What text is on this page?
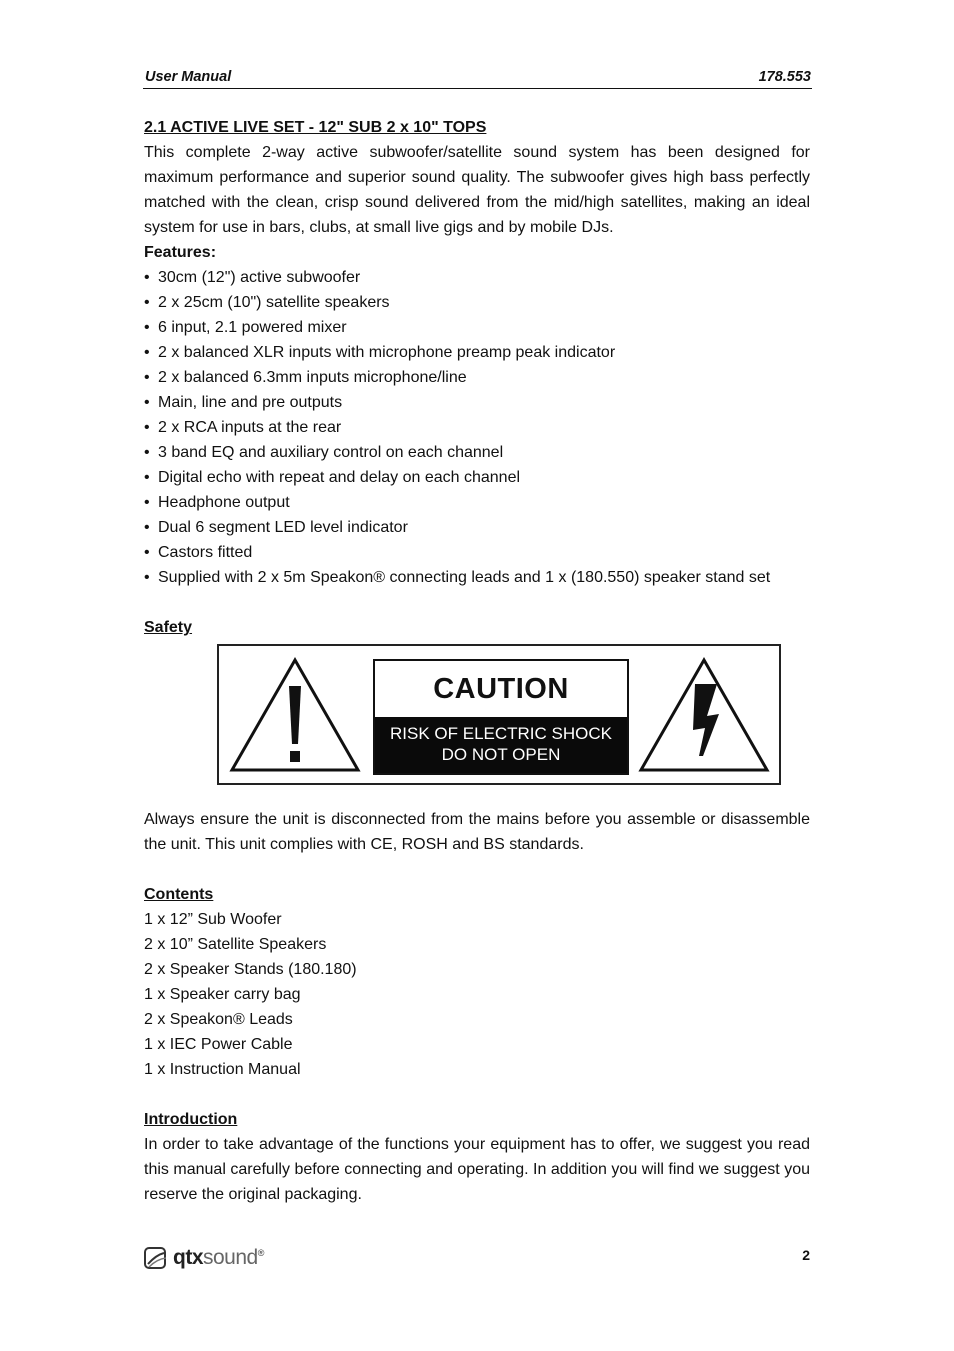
User Manual	178.553

2.1 ACTIVE LIVE SET - 12" SUB 2 x 10" TOPS

This complete 2-way active subwoofer/satellite sound system has been designed for maximum performance and superior sound quality. The subwoofer gives high bass perfectly matched with the clean, crisp sound delivered from the mid/high satellites, making an ideal system for use in bars, clubs, at small live gigs and by mobile DJs.

Features:

• 30cm (12") active subwoofer
• 2 x 25cm (10") satellite speakers
• 6 input, 2.1 powered mixer
• 2 x balanced XLR inputs with microphone preamp peak indicator
• 2 x balanced 6.3mm inputs microphone/line
• Main, line and pre outputs
• 2 x RCA inputs at the rear
• 3 band EQ and auxiliary control on each channel
• Digital echo with repeat and delay on each channel
• Headphone output
• Dual 6 segment LED level indicator
• Castors fitted
• Supplied with 2 x 5m Speakon® connecting leads and 1 x (180.550) speaker stand set

Safety

CAUTION
RISK OF ELECTRIC SHOCK
DO NOT OPEN

Always ensure the unit is disconnected from the mains before you assemble or disassemble the unit. This unit complies with CE, ROSH and BS standards.

Contents

1 x 12” Sub Woofer
2 x 10” Satellite Speakers
2 x Speaker Stands (180.180)
1 x Speaker carry bag
2 x Speakon® Leads
1 x IEC Power Cable
1 x Instruction Manual

Introduction

In order to take advantage of the functions your equipment has to offer, we suggest you read this manual carefully before connecting and operating. In addition you will find we suggest you reserve the original packaging.

qtxsound®	2
